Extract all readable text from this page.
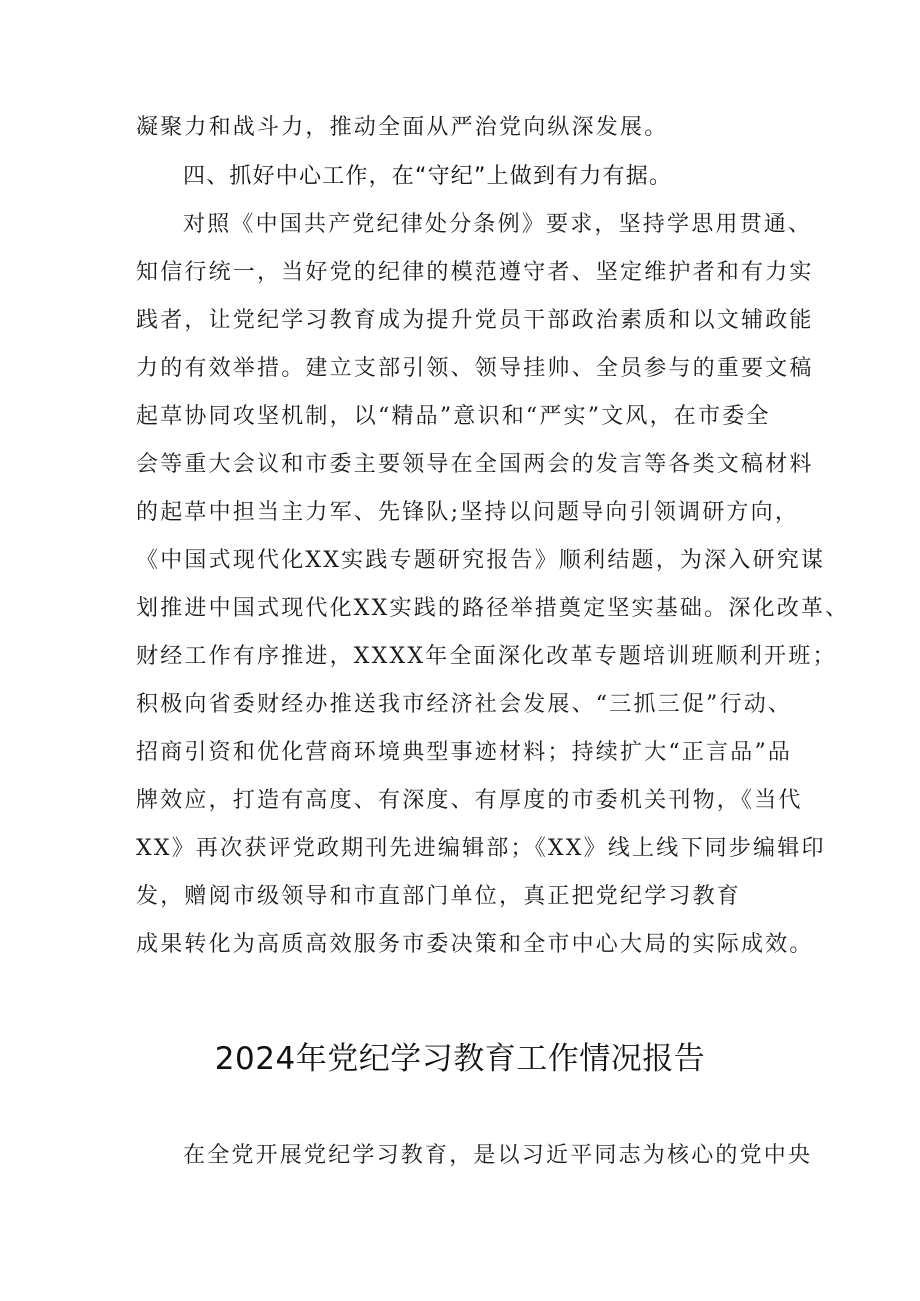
凝聚力和战斗力，推动全面从严治党向纵深发展。
四、抓好中心工作，在“守纪”上做到有力有据。
对照《中国共产党纪律处分条例》要求，坚持学思用贯通、
知信行统一，当好党的纪律的模范遵守者、坚定维护者和有力实
践者，让党纪学习教育成为提升党员干部政治素质和以文辅政能
力的有效举措。建立支部引领、领导挂帅、全员参与的重要文稿
起草协同攻坚机制，以“精品”意识和“严实”文风，在市委全
会等重大会议和市委主要领导在全国两会的发言等各类文稿材料
的起草中担当主力军、先锋队;坚持以问题导向引领调研方向，
《中国式现代化XX实践专题研究报告》顺利结题，为深入研究谋
划推进中国式现代化XX实践的路径举措奠定坚实基础。深化改革、
财经工作有序推进，XXXX年全面深化改革专题培训班顺利开班；
积极向省委财经办推送我市经济社会发展、“三抓三促”行动、
招商引资和优化营商环境典型事迹材料；持续扩大“正言品”品
牌效应，打造有高度、有深度、有厚度的市委机关刊物，《当代
XX》再次获评党政期刊先进编辑部；《XX》线上线下同步编辑印
发，赠阅市级领导和市直部门单位，真正把党纪学习教育
成果转化为高质高效服务市委决策和全市中心大局的实际成效。
2024年党纪学习教育工作情况报告
在全党开展党纪学习教育，是以习近平同志为核心的党中央
